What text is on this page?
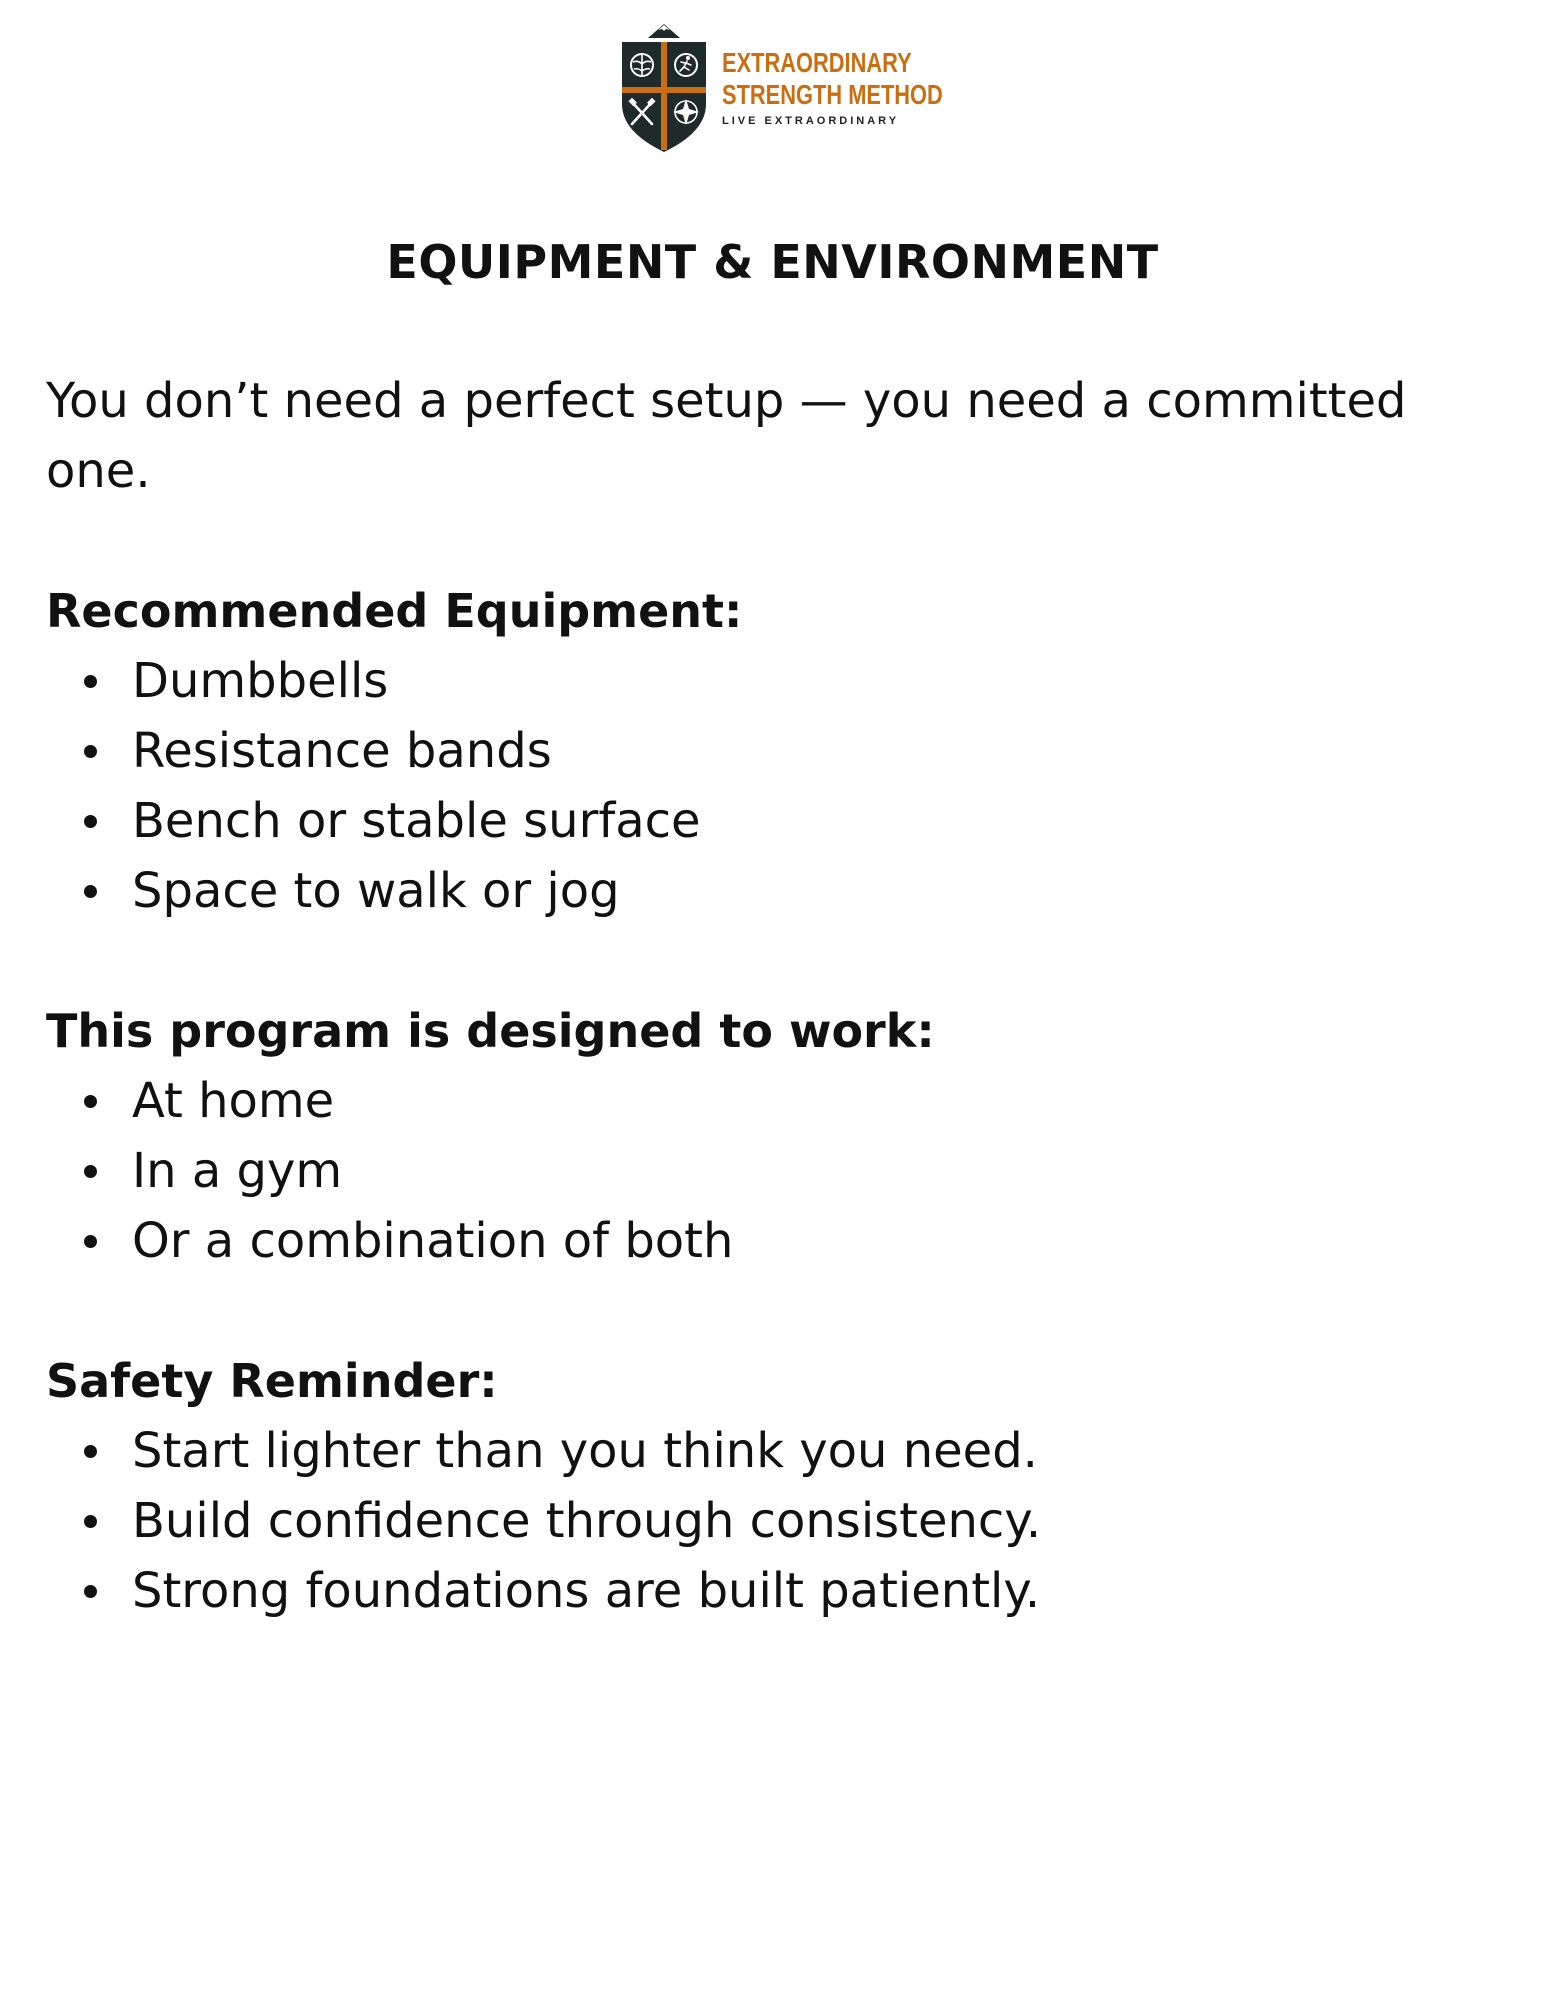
EXTRAORDINARY
STRENGTH METHOD
LIVE EXTRAORDINARY
EQUIPMENT & ENVIRONMENT

You don’t need a perfect setup — you need a committed one.

Recommended Equipment:
Dumbbells
Resistance bands
Bench or stable surface
Space to walk or jog
This program is designed to work:
At home
In a gym
Or a combination of both
Safety Reminder:
Start lighter than you think you need.
Build confidence through consistency.
Strong foundations are built patiently.
